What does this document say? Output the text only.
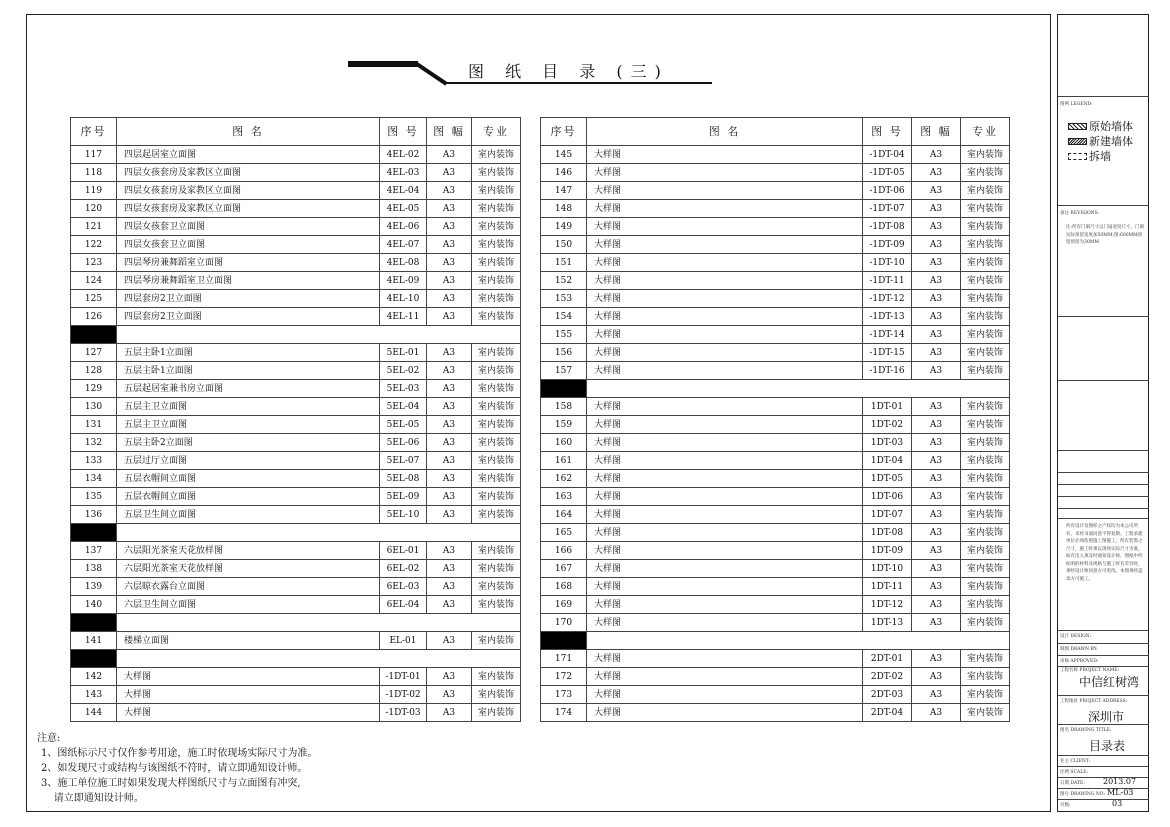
图 纸 目 录 (三)
序号	图 名	图 号	图 幅	专业
117	四层起居室立面图	4EL-02	A3	室内装饰
118	四层女孩套房及家教区立面图	4EL-03	A3	室内装饰
119	四层女孩套房及家教区立面图	4EL-04	A3	室内装饰
120	四层女孩套房及家教区立面图	4EL-05	A3	室内装饰
121	四层女孩套卫立面图	4EL-06	A3	室内装饰
122	四层女孩套卫立面图	4EL-07	A3	室内装饰
123	四层琴房兼舞蹈室立面图	4EL-08	A3	室内装饰
124	四层琴房兼舞蹈室卫立面图	4EL-09	A3	室内装饰
125	四层套房2卫立面图	4EL-10	A3	室内装饰
126	四层套房2卫立面图	4EL-11	A3	室内装饰

127	五层主卧1立面图	5EL-01	A3	室内装饰
128	五层主卧1立面图	5EL-02	A3	室内装饰
129	五层起居室兼书房立面图	5EL-03	A3	室内装饰
130	五层主卫立面图	5EL-04	A3	室内装饰
131	五层主卫立面图	5EL-05	A3	室内装饰
132	五层主卧2立面图	5EL-06	A3	室内装饰
133	五层过厅立面图	5EL-07	A3	室内装饰
134	五层衣帽间立面图	5EL-08	A3	室内装饰
135	五层衣帽间立面图	5EL-09	A3	室内装饰
136	五层卫生间立面图	5EL-10	A3	室内装饰

137	六层阳光茶室天花放样图	6EL-01	A3	室内装饰
138	六层阳光茶室天花放样图	6EL-02	A3	室内装饰
139	六层晾衣露台立面图	6EL-03	A3	室内装饰
140	六层卫生间立面图	6EL-04	A3	室内装饰

141	楼梯立面图	EL-01	A3	室内装饰

142	大样图	-1DT-01	A3	室内装饰
143	大样图	-1DT-02	A3	室内装饰
144	大样图	-1DT-03	A3	室内装饰
序号	图 名	图 号	图 幅	专业
145	大样图	-1DT-04	A3	室内装饰
146	大样图	-1DT-05	A3	室内装饰
147	大样图	-1DT-06	A3	室内装饰
148	大样图	-1DT-07	A3	室内装饰
149	大样图	-1DT-08	A3	室内装饰
150	大样图	-1DT-09	A3	室内装饰
151	大样图	-1DT-10	A3	室内装饰
152	大样图	-1DT-11	A3	室内装饰
153	大样图	-1DT-12	A3	室内装饰
154	大样图	-1DT-13	A3	室内装饰
155	大样图	-1DT-14	A3	室内装饰
156	大样图	-1DT-15	A3	室内装饰
157	大样图	-1DT-16	A3	室内装饰

158	大样图	1DT-01	A3	室内装饰
159	大样图	1DT-02	A3	室内装饰
160	大样图	1DT-03	A3	室内装饰
161	大样图	1DT-04	A3	室内装饰
162	大样图	1DT-05	A3	室内装饰
163	大样图	1DT-06	A3	室内装饰
164	大样图	1DT-07	A3	室内装饰
165	大样图	1DT-08	A3	室内装饰
166	大样图	1DT-09	A3	室内装饰
167	大样图	1DT-10	A3	室内装饰
168	大样图	1DT-11	A3	室内装饰
169	大样图	1DT-12	A3	室内装饰
170	大样图	1DT-13	A3	室内装饰

171	大样图	2DT-01	A3	室内装饰
172	大样图	2DT-02	A3	室内装饰
173	大样图	2DT-03	A3	室内装饰
174	大样图	2DT-04	A3	室内装饰
注意:
1、图纸标示尺寸仅作参考用途，施工时依现场实际尺寸为准。
2、如发现尺寸或结构与该图纸不符时，请立即通知设计师。
3、施工单位施工时如果发现大样图纸尺寸与立面图有冲突,
请立即通知设计师。
图例 LEGEND:
原始墙体
新建墙体
拆墙
备注 REVISIONS:
注:所有门洞尺寸以门扇宽度尺寸，门洞实际预留宽度加50MM;图:600MM预留预留为30MM
所有设计及图样之产权均为本公司所有，未经书面同意不得复制。工程承建单位必须依照施工图施工，所有装饰之尺寸，施工时须以现场实际尺寸为准，如有出入须及时通知设计师。图纸中所标明的材料及规格与施工时有差异时，须经设计师同意方可更改。本图须经盖章方可施工。
设计 DESIGN:
制图 DRAWN BY:
审核 APPROVED:
工程名称 PROJECT NAME:
中信红树湾
工程地址 PROJECT ADDRESS:
深圳市
图名 DRAWING TITLE:
目录表
业主 CLIENT:
比例 SCALE:
日期 DATE: 2013.07
图号 DRAWING NO: ML-03
页数:	03
